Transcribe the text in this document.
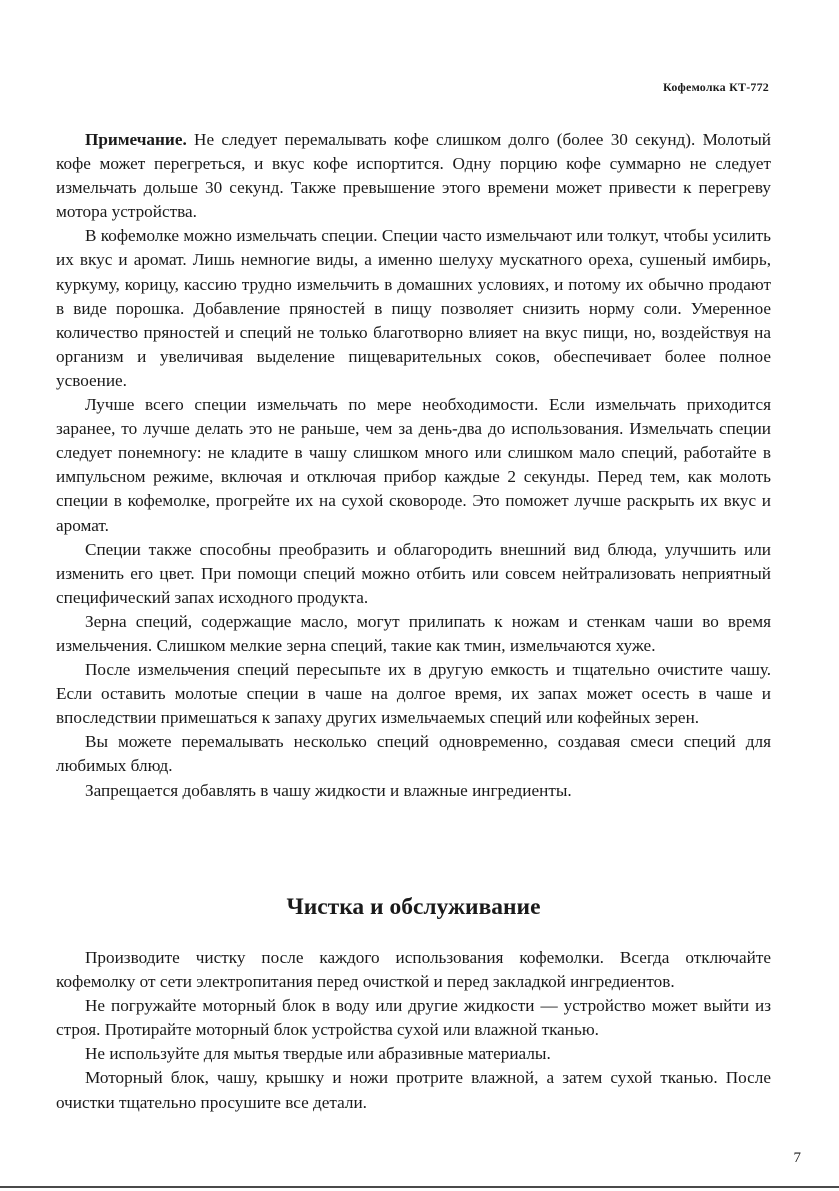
Кофемолка КТ-772

Примечание. Не следует перемалывать кофе слишком долго (более 30 секунд). Молотый кофе может перегреться, и вкус кофе испортится. Одну порцию кофе суммарно не следует измельчать дольше 30 секунд. Также превышение этого времени может привести к перегреву мотора устройства.

В кофемолке можно измельчать специи. Специи часто измельчают или толкут, чтобы усилить их вкус и аромат. Лишь немногие виды, а именно шелуху мускатного ореха, сушеный имбирь, куркуму, корицу, кассию трудно измельчить в домашних условиях, и потому их обычно продают в виде порошка. Добавление пряностей в пищу позволяет снизить норму соли. Умеренное количество пряностей и специй не только благотворно влияет на вкус пищи, но, воздействуя на организм и увеличивая выделение пищеварительных соков, обеспечивает более полное усвоение.

Лучше всего специи измельчать по мере необходимости. Если измельчать приходится заранее, то лучше делать это не раньше, чем за день-два до использования. Измельчать специи следует понемногу: не кладите в чашу слишком много или слишком мало специй, работайте в импульсном режиме, включая и отключая прибор каждые 2 секунды. Перед тем, как молоть специи в кофемолке, прогрейте их на сухой сковороде. Это поможет лучше раскрыть их вкус и аромат.

Специи также способны преобразить и облагородить внешний вид блюда, улучшить или изменить его цвет. При помощи специй можно отбить или совсем нейтрализовать неприятный специфический запах исходного продукта.

Зерна специй, содержащие масло, могут прилипать к ножам и стенкам чаши во время измельчения. Слишком мелкие зерна специй, такие как тмин, измельчаются хуже.

После измельчения специй пересыпьте их в другую емкость и тщательно очистите чашу. Если оставить молотые специи в чаше на долгое время, их запах может осесть в чаше и впоследствии примешаться к запаху других измельчаемых специй или кофейных зерен.

Вы можете перемалывать несколько специй одновременно, создавая смеси специй для любимых блюд.

Запрещается добавлять в чашу жидкости и влажные ингредиенты.

Чистка и обслуживание

Производите чистку после каждого использования кофемолки. Всегда отключайте кофемолку от сети электропитания перед очисткой и перед закладкой ингредиентов.

Не погружайте моторный блок в воду или другие жидкости — устройство может выйти из строя. Протирайте моторный блок устройства сухой или влажной тканью.

Не используйте для мытья твердые или абразивные материалы.

Моторный блок, чашу, крышку и ножи протрите влажной, а затем сухой тканью. После очистки тщательно просушите все детали.

7
